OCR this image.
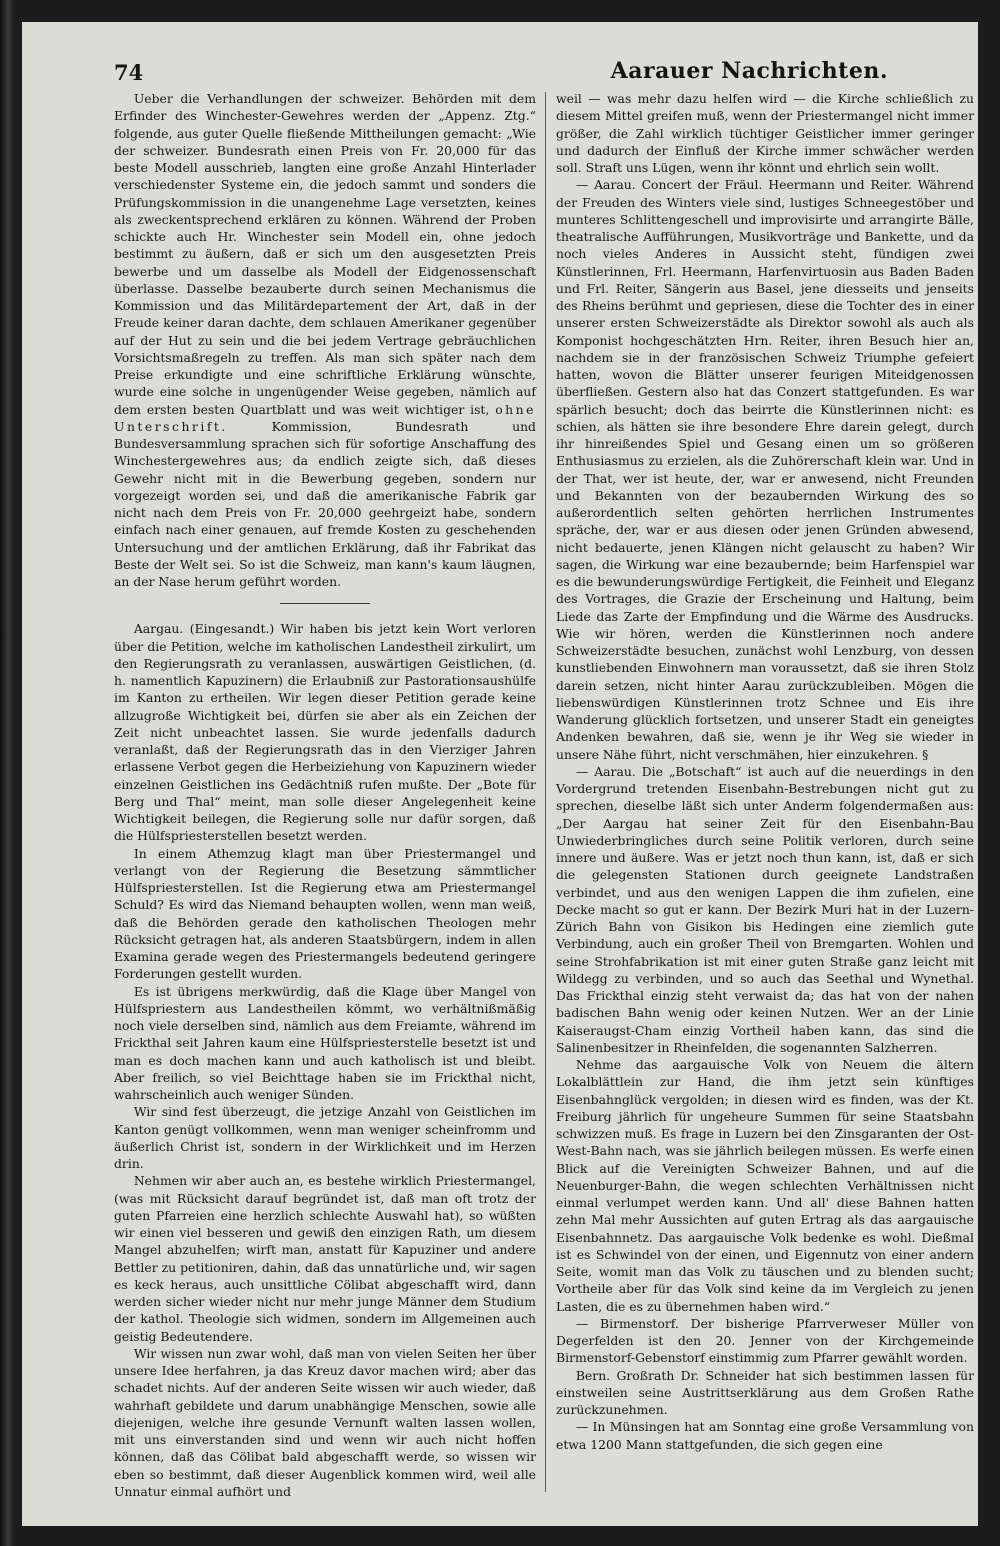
74	Aarauer Nachrichten.

Ueber die Verhandlungen der schweizer. Behörden mit dem Erfinder des Winchester-Gewehres werden der „Appenz. Ztg.“ folgende, aus guter Quelle fließende Mittheilungen gemacht: „Wie der schweizer. Bundesrath einen Preis von Fr. 20,000 für das beste Modell ausschrieb, langten eine große Anzahl Hinterlader verschiedenster Systeme ein, die jedoch sammt und sonders die Prüfungskommission in die unangenehme Lage versetzten, keines als zweckentsprechend erklären zu können. Während der Proben schickte auch Hr. Winchester sein Modell ein, ohne jedoch bestimmt zu äußern, daß er sich um den ausgesetzten Preis bewerbe und um dasselbe als Modell der Eidgenossenschaft überlasse. Dasselbe bezauberte durch seinen Mechanismus die Kommission und das Militärdepartement der Art, daß in der Freude keiner daran dachte, dem schlauen Amerikaner gegenüber auf der Hut zu sein und die bei jedem Vertrage gebräuchlichen Vorsichtsmaßregeln zu treffen. Als man sich später nach dem Preise erkundigte und eine schriftliche Erklärung wünschte, wurde eine solche in ungenügender Weise gegeben, nämlich auf dem ersten besten Quartblatt und was weit wichtiger ist, ohne Unterschrift.	Kommission, Bundesrath und Bundesversammlung sprachen sich für sofortige Anschaffung des Winchestergewehres aus; da endlich zeigte sich, daß dieses Gewehr nicht mit in die Bewerbung gegeben, sondern nur vorgezeigt worden sei, und daß die amerikanische Fabrik gar nicht nach dem Preis von Fr. 20,000 geehrgeizt habe, sondern einfach nach einer genauen, auf fremde Kosten zu geschehenden Untersuchung und der amtlichen Erklärung, daß ihr Fabrikat das Beste der Welt sei. So ist die Schweiz, man kann's kaum läugnen, an der Nase herum geführt worden.

Aargau. (Eingesandt.) Wir haben bis jetzt kein Wort verloren über die Petition, welche im katholischen Landestheil zirkulirt, um den Regierungsrath zu veranlassen, auswärtigen Geistlichen, (d. h. namentlich Kapuzinern) die Erlaubniß zur Pastorationsaushülfe im Kanton zu ertheilen. Wir legen dieser Petition gerade keine allzugroße Wichtigkeit bei, dürfen sie aber als ein Zeichen der Zeit nicht unbeachtet lassen. Sie wurde jedenfalls dadurch veranlaßt, daß der Regierungsrath das in den Vierziger Jahren erlassene Verbot gegen die Herbeiziehung von Kapuzinern wieder einzelnen Geistlichen ins Gedächtniß rufen mußte. Der „Bote für Berg und Thal“ meint, man solle dieser Angelegenheit keine Wichtigkeit beilegen, die Regierung solle nur dafür sorgen, daß die Hülfspriesterstellen besetzt werden.

In einem Athemzug klagt man über Priestermangel und verlangt von der Regierung die Besetzung sämmtlicher Hülfspriesterstellen. Ist die Regierung etwa am Priestermangel Schuld? Es wird das Niemand behaupten wollen, wenn man weiß, daß die Behörden gerade den katholischen Theologen mehr Rücksicht getragen hat, als anderen Staatsbürgern, indem in allen Examina gerade wegen des Priestermangels bedeutend geringere Forderungen gestellt wurden.

Es ist übrigens merkwürdig, daß die Klage über Mangel von Hülfspriestern aus Landestheilen kömmt, wo verhältnißmäßig noch viele derselben sind, nämlich aus dem Freiamte, während im Frickthal seit Jahren kaum eine Hülfspriesterstelle besetzt ist und man es doch machen kann und auch katholisch ist und bleibt. Aber freilich, so viel Beichttage haben sie im Frickthal nicht, wahrscheinlich auch weniger Sünden.

Wir sind fest überzeugt, die jetzige Anzahl von Geistlichen im Kanton genügt vollkommen, wenn man weniger scheinfromm und äußerlich Christ ist, sondern in der Wirklichkeit und im Herzen drin.

Nehmen wir aber auch an, es bestehe wirklich Priestermangel, (was mit Rücksicht darauf begründet ist, daß man oft trotz der guten Pfarreien eine herzlich schlechte Auswahl hat), so wüßten wir einen viel besseren und gewiß den einzigen Rath, um diesem Mangel abzuhelfen; wirft man, anstatt für Kapuziner und andere Bettler zu petitioniren, dahin, daß das unnatürliche und, wir sagen es keck heraus, auch unsittliche Cölibat abgeschafft wird, dann werden sicher wieder nicht nur mehr junge Männer dem Studium der kathol. Theologie sich widmen, sondern im Allgemeinen auch geistig Bedeutendere.

Wir wissen nun zwar wohl, daß man von vielen Seiten her über unsere Idee herfahren, ja das Kreuz davor machen wird; aber das schadet nichts. Auf der anderen Seite wissen wir auch wieder, daß wahrhaft gebildete und darum unabhängige Menschen, sowie alle diejenigen, welche ihre gesunde Vernunft walten lassen wollen, mit uns einverstanden sind und wenn wir auch nicht hoffen können, daß das Cölibat bald abgeschafft werde, so wissen wir eben so bestimmt, daß dieser Augenblick kommen wird, weil alle Unnatur einmal aufhört und

weil — was mehr dazu helfen wird — die Kirche schließlich zu diesem Mittel greifen muß, wenn der Priestermangel nicht immer größer, die Zahl wirklich tüchtiger Geistlicher immer geringer und dadurch der Einfluß der Kirche immer schwächer werden soll. Straft uns Lügen, wenn ihr könnt und ehrlich sein wollt.

— Aarau. Concert der Fräul. Heermann und Reiter. Während der Freuden des Winters viele sind, lustiges Schneegestöber und munteres Schlittengeschell und improvisirte und arrangirte Bälle, theatralische Aufführungen, Musikvorträge und Bankette, und da noch vieles Anderes in Aussicht steht, fündigen zwei Künstlerinnen, Frl. Heermann, Harfenvirtuosin aus Baden Baden und Frl. Reiter, Sängerin aus Basel, jene diesseits und jenseits des Rheins berühmt und gepriesen, diese die Tochter des in einer unserer ersten Schweizerstädte als Direktor sowohl als auch als Komponist hochgeschätzten Hrn. Reiter, ihren Besuch hier an, nachdem sie in der französischen Schweiz Triumphe gefeiert hatten, wovon die Blätter unserer feurigen Miteidgenossen überfließen. Gestern also hat das Conzert stattgefunden. Es war spärlich besucht; doch das beirrte die Künstlerinnen nicht: es schien, als hätten sie ihre besondere Ehre darein gelegt, durch ihr hinreißendes Spiel und Gesang einen um so größeren Enthusiasmus zu erzielen, als die Zuhörerschaft klein war. Und in der That, wer ist heute, der, war er anwesend, nicht Freunden und Bekannten von der bezaubernden Wirkung des so außerordentlich selten gehörten herrlichen Instrumentes spräche, der, war er aus diesen oder jenen Gründen abwesend, nicht bedauerte, jenen Klängen nicht gelauscht zu haben? Wir sagen, die Wirkung war eine bezaubernde; beim Harfenspiel war es die bewunderungswürdige Fertigkeit, die Feinheit und Eleganz des Vortrages, die Grazie der Erscheinung und Haltung, beim Liede das Zarte der Empfindung und die Wärme des Ausdrucks. Wie wir hören, werden die Künstlerinnen noch andere Schweizerstädte besuchen, zunächst wohl Lenzburg, von dessen kunstliebenden Einwohnern man voraussetzt, daß sie ihren Stolz darein setzen, nicht hinter Aarau zurückzubleiben. Mögen die liebenswürdigen Künstlerinnen trotz Schnee und Eis ihre Wanderung glücklich fortsetzen, und unserer Stadt ein geneigtes Andenken bewahren, daß sie, wenn je ihr Weg sie wieder in unsere Nähe führt, nicht verschmähen, hier einzukehren. §

— Aarau. Die „Botschaft“ ist auch auf die neuerdings in den Vordergrund tretenden Eisenbahn-Bestrebungen nicht gut zu sprechen, dieselbe läßt sich unter Anderm folgendermaßen aus: „Der Aargau hat seiner Zeit für den Eisenbahn-Bau Unwiederbringliches durch seine Politik verloren, durch seine innere und äußere. Was er jetzt noch thun kann, ist, daß er sich die gelegensten Stationen durch geeignete Landstraßen verbindet, und aus den wenigen Lappen die ihm zufielen, eine Decke macht so gut er kann. Der Bezirk Muri hat in der Luzern-Zürich Bahn von Gisikon bis Hedingen eine ziemlich gute Verbindung, auch ein großer Theil von Bremgarten. Wohlen und seine Strohfabrikation ist mit einer guten Straße ganz leicht mit Wildegg zu verbinden, und so auch das Seethal und Wynethal. Das Frickthal einzig steht verwaist da; das hat von der nahen badischen Bahn wenig oder keinen Nutzen. Wer an der Linie Kaiseraugst-Cham einzig Vortheil haben kann, das sind die Salinenbesitzer in Rheinfelden, die sogenannten Salzherren.

Nehme das aargauische Volk von Neuem die ältern Lokalblättlein zur Hand, die ihm jetzt sein künftiges Eisenbahnglück vergolden; in diesen wird es finden, was der Kt. Freiburg jährlich für ungeheure Summen für seine Staatsbahn schwizzen muß. Es frage in Luzern bei den Zinsgaranten der Ost-West-Bahn nach, was sie jährlich beilegen müssen. Es werfe einen Blick auf die Vereinigten Schweizer Bahnen, und auf die Neuenburger-Bahn, die wegen schlechten Verhältnissen nicht einmal verlumpet werden kann. Und all' diese Bahnen hatten zehn Mal mehr Aussichten auf guten Ertrag als das aargauische Eisenbahnnetz. Das aargauische Volk bedenke es wohl. Dießmal ist es Schwindel von der einen, und Eigennutz von einer andern Seite, womit man das Volk zu täuschen und zu blenden sucht; Vortheile aber für das Volk sind keine da im Vergleich zu jenen Lasten, die es zu übernehmen haben wird.“

— Birmenstorf. Der bisherige Pfarrverweser Müller von Degerfelden ist den 20. Jenner von der Kirchgemeinde Birmenstorf-Gebenstorf einstimmig zum Pfarrer gewählt worden.

Bern. Großrath Dr. Schneider hat sich bestimmen lassen für einstweilen seine Austrittserklärung aus dem Großen Rathe zurückzunehmen.

— In Münsingen hat am Sonntag eine große Versammlung von etwa 1200 Mann stattgefunden, die sich gegen eine
